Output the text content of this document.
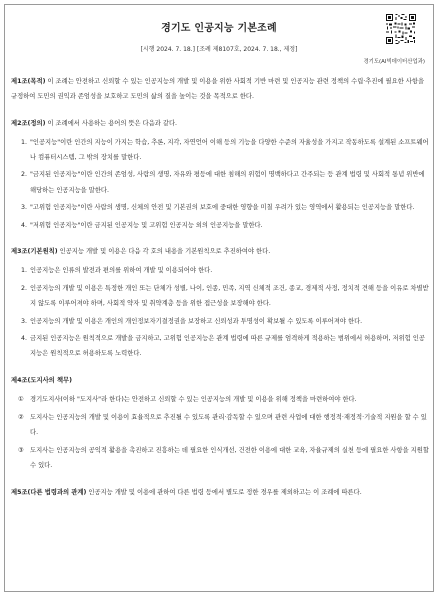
경기도 인공지능 기본조례
[시행 2024. 7. 18.] [조례 제8107호, 2024. 7. 18., 제정]
경기도(AI빅데이터산업과)
제1조(목적) 이 조례는 안전하고 신뢰할 수 있는 인공지능의 개발 및 이용을 위한 사회적 기반 마련 및 인공지능 관련 정책의 수립·추진에 필요한 사항을 규정하여 도민의 권익과 존엄성을 보호하고 도민의 삶의 질을 높이는 것을 목적으로 한다.
제2조(정의) 이 조례에서 사용하는 용어의 뜻은 다음과 같다.
1. "인공지능"이란 인간의 지능이 가지는 학습, 추론, 지각, 자연언어 이해 등의 기능을 다양한 수준의 자율성을 가지고 작동하도록 설계된 소프트웨어나 컴퓨터시스템, 그 밖의 장치를 말한다.
2. "금지된 인공지능"이란 인간의 존엄성, 사람의 생명, 자유와 평등에 대한 침해의 위험이 명백하다고 간주되는 등 관계 법령 및 사회적 통념 위반에 해당하는 인공지능을 말한다.
3. "고위험 인공지능"이란 사람의 생명, 신체의 안전 및 기본권의 보호에 중대한 영향을 미칠 우려가 있는 영역에서 활용되는 인공지능을 말한다.
4. "저위험 인공지능"이란 금지된 인공지능 및 고위험 인공지능 외의 인공지능을 말한다.
제3조(기본원칙) 인공지능 개발 및 이용은 다음 각 호의 내용을 기본원칙으로 추진하여야 한다.
1. 인공지능은 인류의 발전과 편의를 위하여 개발 및 이용되어야 한다.
2. 인공지능의 개발 및 이용은 특정한 개인 또는 단체가 성별, 나이, 인종, 민족, 지역 신체적 조건, 종교, 경제적 사정, 정치적 견해 등을 이유로 차별받지 않도록 이루어져야 하며, 사회적 약자 및 취약계층 등을 위한 접근성을 보장해야 한다.
3. 인공지능의 개발 및 이용은 개인의 개인정보자기결정권을 보장하고 신뢰성과 투명성이 확보될 수 있도록 이루어져야 한다.
4. 금지된 인공지능은 원칙적으로 개발을 금지하고, 고위험 인공지능은 관계 법령에 따른 규제를 엄격하게 적용하는 범위에서 허용하며, 저위험 인공지능은 원칙적으로 허용하도록 노력한다.
제4조(도지사의 책무)
① 경기도지사(이하 "도지사"라 한다)는 안전하고 신뢰할 수 있는 인공지능의 개발 및 이용을 위해 정책을 마련하여야 한다.
② 도지사는 인공지능의 개발 및 이용이 효율적으로 추진될 수 있도록 관리·감독할 수 있으며 관련 사업에 대한 행정적·재정적·기술적 지원을 할 수 있다.
③ 도지사는 인공지능의 공익적 활용을 촉진하고 진흥하는 데 필요한 인식개선, 건전한 이용에 대한 교육, 자율규제의 실천 등에 필요한 사항을 지원할 수 있다.
제5조(다른 법령과의 관계) 인공지능 개발 및 이용에 관하여 다른 법령 등에서 별도로 정한 경우를 제외하고는 이 조례에 따른다.
